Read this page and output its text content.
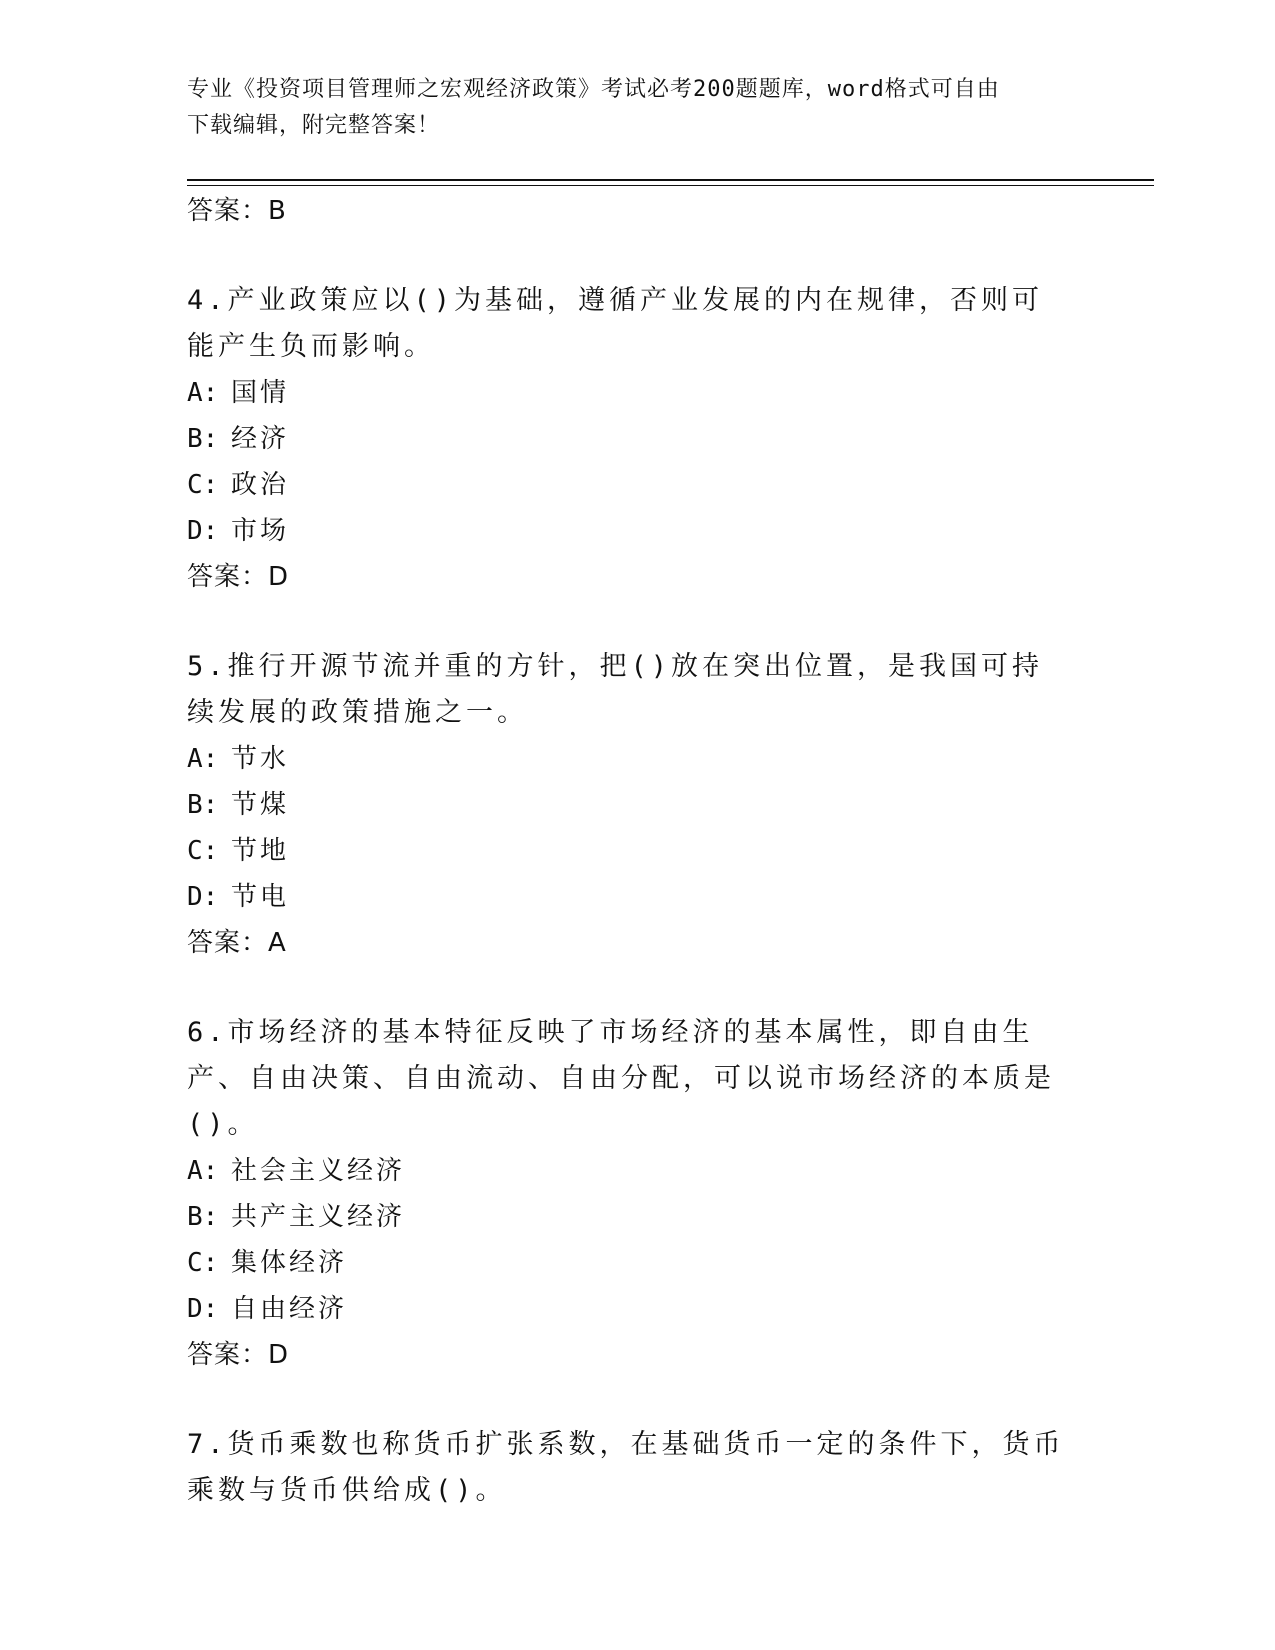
专业《投资项目管理师之宏观经济政策》考试必考200题题库，word格式可自由
下载编辑，附完整答案！
答案：B
4.产业政策应以()为基础，遵循产业发展的内在规律，否则可能产生负而影响。
A: 国情
B: 经济
C: 政治
D: 市场
答案：D
5.推行开源节流并重的方针，把()放在突出位置，是我国可持续发展的政策措施之一。
A: 节水
B: 节煤
C: 节地
D: 节电
答案：A
6.市场经济的基本特征反映了市场经济的基本属性，即自由生产、自由决策、自由流动、自由分配，可以说市场经济的本质是()。
A: 社会主义经济
B: 共产主义经济
C: 集体经济
D: 自由经济
答案：D
7.货币乘数也称货币扩张系数，在基础货币一定的条件下，货币乘数与货币供给成()。
